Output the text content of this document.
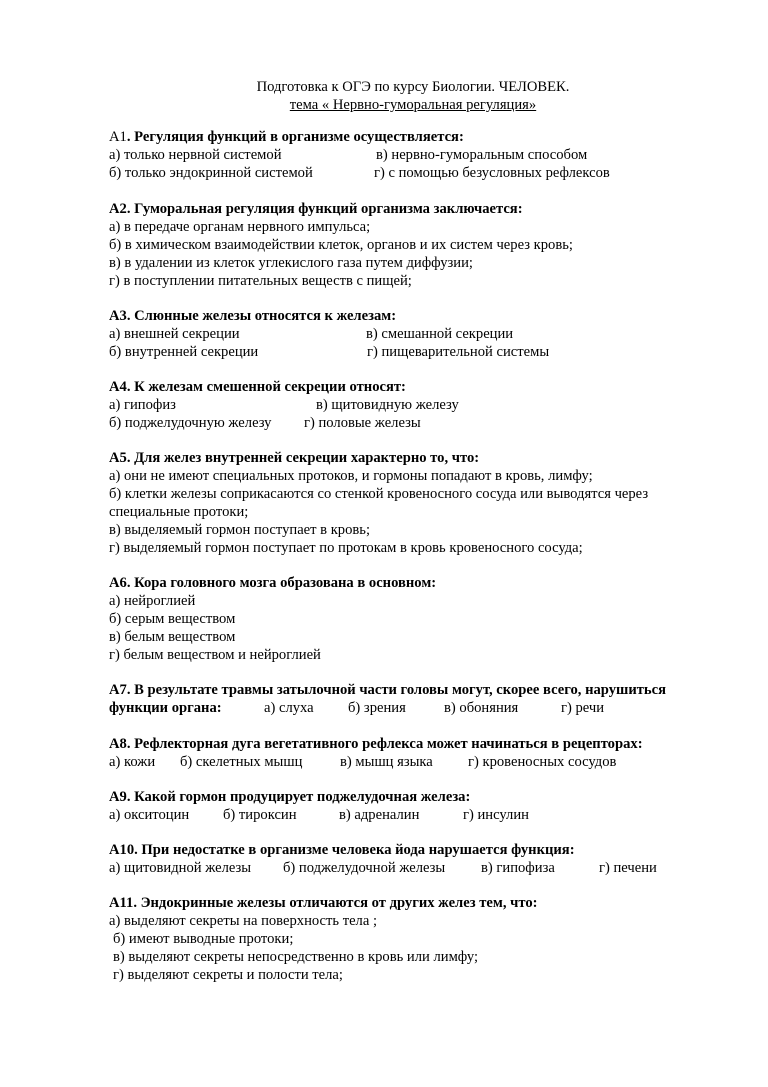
Подготовка к ОГЭ по курсу Биологии. ЧЕЛОВЕК.
тема « Нервно-гуморальная регуляция»
А1. Регуляция функций в организме осуществляется:
а) только нервной системой	в) нервно-гуморальным способом
б) только эндокринной системой	г) с помощью безусловных рефлексов
А2. Гуморальная регуляция функций организма заключается:
а) в передаче органам нервного импульса;
б) в химическом взаимодействии клеток, органов и их систем через кровь;
в) в удалении из клеток углекислого газа путем диффузии;
г) в поступлении питательных веществ с пищей;
А3. Слюнные железы относятся к железам:
а) внешней секреции	в) смешанной секреции
б) внутренней секреции	г) пищеварительной системы
А4. К железам смешенной секреции относят:
а) гипофиз	в) щитовидную железу
б) поджелудочную железу г) половые железы
А5. Для желез внутренней секреции характерно то, что:
а) они не имеют специальных протоков, и гормоны попадают в кровь, лимфу;
б) клетки железы соприкасаются со стенкой кровеносного сосуда или выводятся через специальные протоки;
в) выделяемый гормон поступает в кровь;
г) выделяемый гормон поступает по протокам в кровь кровеносного сосуда;
А6. Кора головного мозга образована в основном:
а) нейроглией
б) серым веществом
в) белым веществом
г) белым веществом и нейроглией
А7. В результате травмы затылочной части головы могут, скорее всего, нарушиться
функции органа:	а) слуха б) зрения	в) обоняния	г) речи
А8. Рефлекторная дуга вегетативного рефлекса может начинаться в рецепторах:
а) кожи б) скелетных мышц	в) мышц языка г) кровеносных сосудов
А9. Какой гормон продуцирует поджелудочная железа:
а) окситоцин б) тироксин	в) адреналин	г) инсулин
А10. При недостатке в организме человека йода нарушается функция:
а) щитовидной железы б) поджелудочной железы в) гипофиза	г) печени
А11. Эндокринные железы отличаются от других желез тем, что:
а) выделяют секреты на поверхность тела ;
б) имеют выводные протоки;
в) выделяют секреты непосредственно в кровь или лимфу;
г) выделяют секреты и полости тела;
